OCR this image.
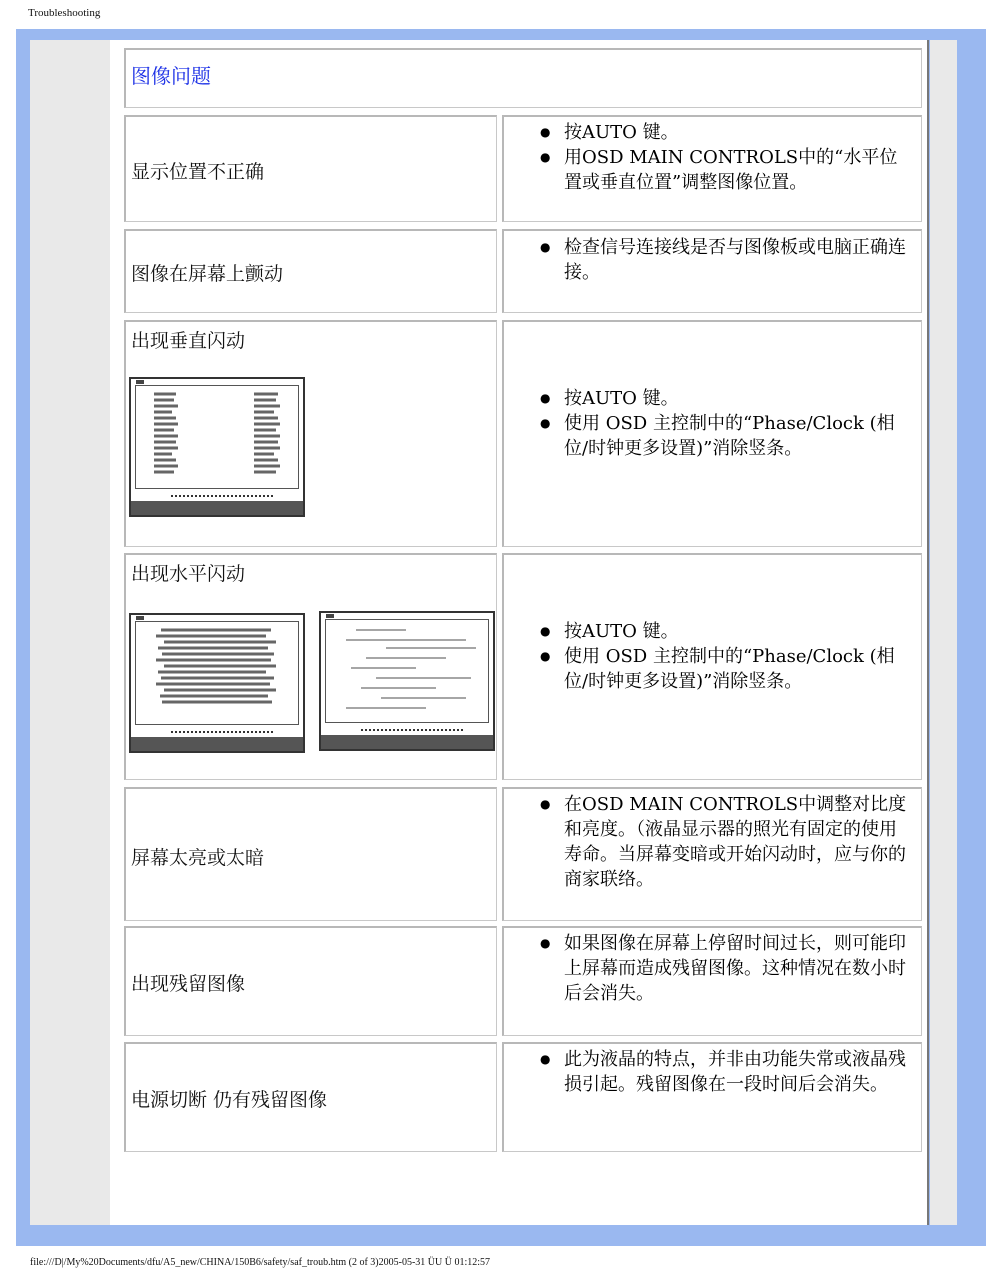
Troubleshooting
图像问题
显示位置不正确
● 按AUTO 键。
● 用OSD MAIN CONTROLS中的“水平位置或垂直位置”调整图像位置。
图像在屏幕上颤动
● 检查信号连接线是否与图像板或电脑正确连接。
出现垂直闪动
● 按AUTO 键。
● 使用 OSD 主控制中的“Phase/Clock (相位/时钟更多设置)”消除竖条。
出现水平闪动
● 按AUTO 键。
● 使用 OSD 主控制中的“Phase/Clock (相位/时钟更多设置)”消除竖条。
屏幕太亮或太暗
● 在OSD MAIN CONTROLS中调整对比度和亮度。（液晶显示器的照光有固定的使用寿命。当屏幕变暗或开始闪动时，应与你的商家联络。
出现残留图像
● 如果图像在屏幕上停留时间过长，则可能印上屏幕而造成残留图像。这种情况在数小时后会消失。
电源切断 仍有残留图像
● 此为液晶的特点，并非由功能失常或液晶残损引起。残留图像在一段时间后会消失。
file:///D|/My%20Documents/dfu/A5_new/CHINA/150B6/safety/saf_troub.htm (2 of 3)2005-05-31 ÜU Ü 01:12:57
